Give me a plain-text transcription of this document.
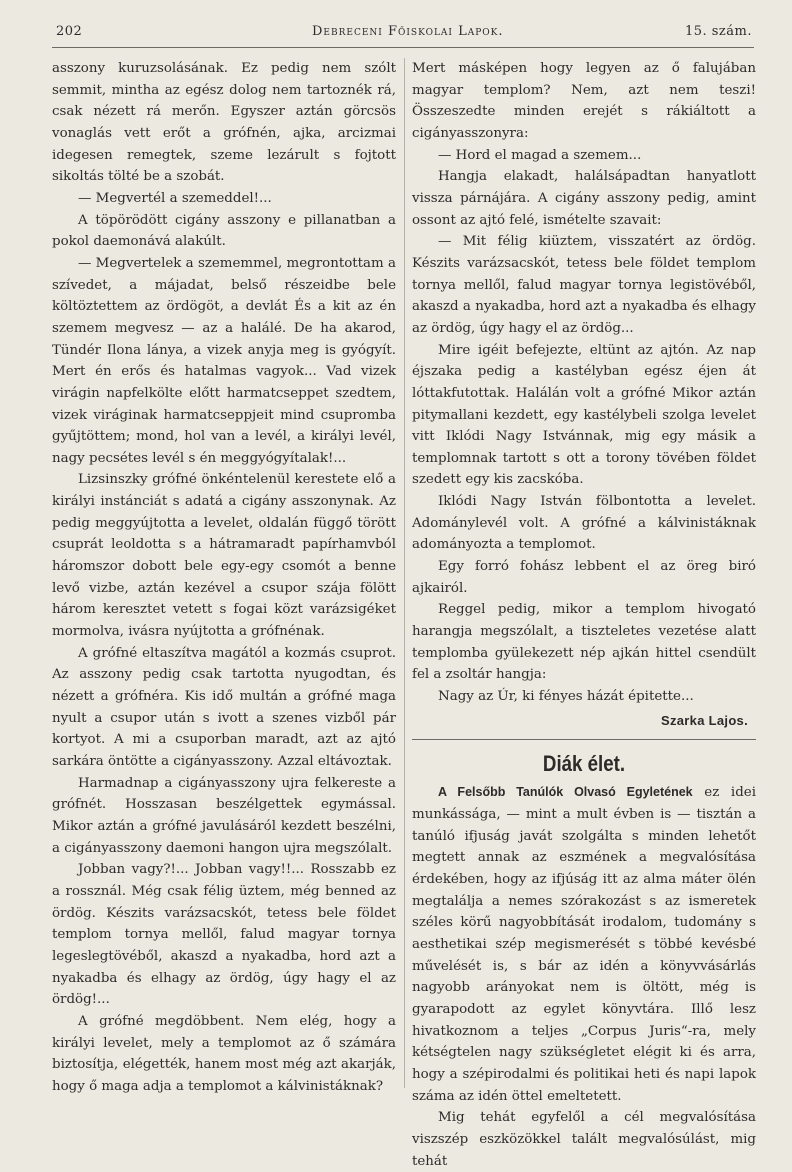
202	Debreceni Főiskolai Lapok.	15. szám.

asszony kuruzsolásának. Ez pedig nem szólt semmit, mintha az egész dolog nem tartoznék rá, csak nézett rá merőn. Egyszer aztán görcsös vonaglás vett erőt a grófnén, ajka, arcizmai idegesen remegtek, szeme lezárult s fojtott sikoltás tölté be a szobát.

— Megvertél a szemeddel!...

A töpörödött cigány asszony e pillanatban a pokol daemonává alakúlt.

— Megvertelek a szememmel, megrontottam a szívedet, a májadat, belső részeidbe bele költöztettem az ördögöt, a devlát És a kit az én szemem megvesz — az a halálé. De ha akarod, Tündér Ilona lánya, a vizek anyja meg is gyógyít. Mert én erős és hatalmas vagyok... Vad vizek virágin napfelkölte előtt harmatcseppet szedtem, vizek viráginak harmatcseppjeit mind csupromba gyűjtöttem; mond, hol van a levél, a királyi levél, nagy pecsétes levél s én meggyógyítalak!...

Lizsinszky grófné önkéntelenül kerestete elő a királyi instánciát s adatá a cigány asszonynak. Az pedig meggyújtotta a levelet, oldalán függő törött csuprát leoldotta s a hátramaradt papírhamvból háromszor dobott bele egy-egy csomót a benne levő vizbe, aztán kezével a csupor szája fölött három keresztet vetett s fogai közt varázsigéket mormolva, ivásra nyújtotta a grófnénak.

A grófné eltaszítva magától a kozmás csuprot. Az asszony pedig csak tartotta nyugodtan, és nézett a grófnéra. Kis idő multán a grófné maga nyult a csupor után s ivott a szenes vizből pár kortyot. A mi a csuporban maradt, azt az ajtó sarkára öntötte a cigányasszony. Azzal eltávoztak.

Harmadnap a cigányasszony ujra felkereste a grófnét. Hosszasan beszélgettek egymással. Mikor aztán a grófné javulásáról kezdett beszélni, a cigányasszony daemoni hangon ujra megszólalt.

Jobban vagy?!... Jobban vagy!!... Rosszabb ez a rossznál. Még csak félig üztem, még benned az ördög. Készits varázsacskót, tetess bele földet templom tornya mellől, falud magyar tornya legeslegtövéből, akaszd a nyakadba, hord azt a nyakadba és elhagy az ördög, úgy hagy el az ördög!...

A grófné megdöbbent. Nem elég, hogy a királyi levelet, mely a templomot az ő számára biztosítja, elégették, hanem most még azt akarják, hogy ő maga adja a templomot a kálvinistáknak?

Mert másképen hogy legyen az ő falujában magyar templom? Nem, azt nem teszi! Összeszedte minden erejét s rákiáltott a cigányasszonyra:

— Hord el magad a szemem...

Hangja elakadt, halálsápadtan hanyatlott vissza párnájára. A cigány asszony pedig, amint ossont az ajtó felé, ismételte szavait:

— Mit félig kiüztem, visszatért az ördög. Készits varázsacskót, tetess bele földet templom tornya mellől, falud magyar tornya legistövéből, akaszd a nyakadba, hord azt a nyakadba és elhagy az ördög, úgy hagy el az ördög...

Mire igéit befejezte, eltünt az ajtón. Az nap éjszaka pedig a kastélyban egész éjen át lóttakfutottak. Halálán volt a grófné Mikor aztán pitymallani kezdett, egy kastélybeli szolga levelet vitt Iklódi Nagy Istvánnak, mig egy másik a templomnak tartott s ott a torony tövében földet szedett egy kis zacskóba.

Iklódi Nagy István fölbontotta a levelet. Adománylevél volt. A grófné a kálvinistáknak adományozta a templomot.

Egy forró fohász lebbent el az öreg biró ajkairól.

Reggel pedig, mikor a templom hivogató harangja megszólalt, a tiszteletes vezetése alatt templomba gyülekezett nép ajkán hittel csendült fel a zsoltár hangja:

Nagy az Úr, ki fényes házát épitette...

Szarka Lajos.
Diák élet.

A Felsőbb Tanúlók Olvasó Egyletének ez idei munkássága, — mint a mult évben is — tisztán a tanúló ifjuság javát szolgálta s minden lehetőt megtett annak az eszmének a megvalósítása érdekében, hogy az ifjúság itt az alma máter ölén megtalálja a nemes szórakozást s az ismeretek széles körű nagyobbítását irodalom, tudomány s aesthetikai szép megismerését s többé kevésbé művelését is, s bár az idén a könyvvásárlás nagyobb arányokat nem is öltött, még is gyarapodott az egylet könyvtára. Illő lesz hivatkoznom a teljes „Corpus Juris“-ra, mely kétségtelen nagy szükségletet elégit ki és arra, hogy a szépirodalmi és politikai heti és napi lapok száma az idén öttel emeltetett.

Mig tehát egyfelől a cél megvalósítása viszszép eszközökkel talált megvalósúlást, mig tehát
